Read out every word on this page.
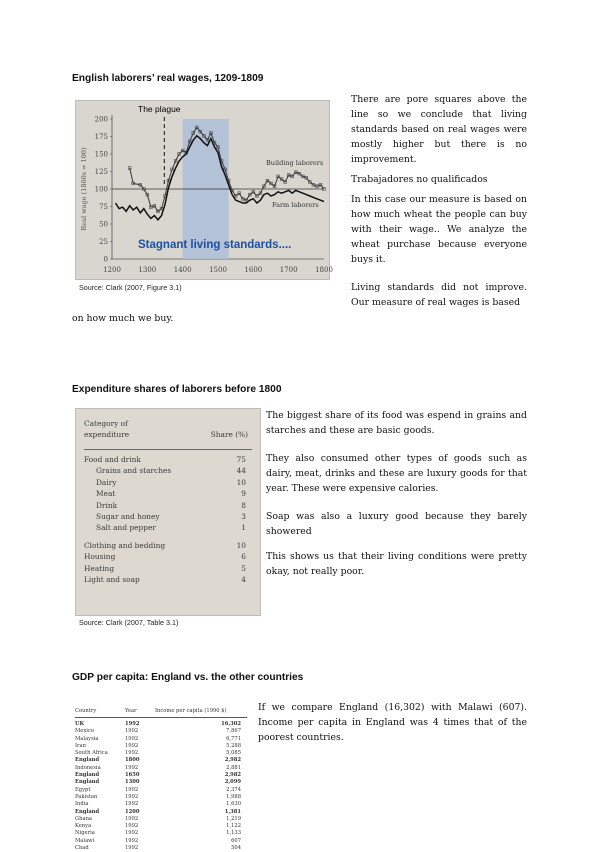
English laborers’ real wages, 1209-1809
0
25
50
75
100
125
150
175
200
1200	1300	1400	1500	1600	1700	1800
Real wage (1860s = 100)
The plague
Stagnant living standards....
Building laborers
Farm laborers
Source: Clark (2007, Figure 3.1)

There are pore squares above the line so we conclude that living standards based on real wages were mostly higher but there is no improvement.

Trabajadores no qualificados

In this case our measure is based on how much wheat the people can buy with their wage.. We analyze the wheat purchase because everyone buys it.

Living standards did not improve. Our measure of real wages is based

on how much we buy.

Expenditure shares of laborers before 1800
Category of
expenditure	Share (%)
Food and drink	75
Grains and starches	44
Dairy	10
Meat	9
Drink	8
Sugar and honey	3
Salt and pepper	1
Clothing and bedding	10
Housing	6
Heating	5
Light and soap	4
Source: Clark (2007, Table 3.1)

The biggest share of its food was espend in grains and starches and these are basic goods.

They also consumed other types of goods such as dairy, meat, drinks and these are luxury goods for that year. These were expensive calories.

Soap was also a luxury good because they barely showered

This shows us that their living conditions were pretty okay, not really poor.

GDP per capita: England vs. the other countries
Country	Year	Income per capita (1990 $)
UK	1992	16,302
Mexico	1992	7,867
Malaysia	1992	6,771
Iran	1992	5,288
South Africa	1992	5,085
England	1800	2,982
Indonesia	1992	2,881
England	1650	2,982
England	1300	2,099
Egypt	1992	2,374
Pakistan	1992	1,988
India	1992	1,630
England	1200	1,381
Ghana	1992	1,219
Kenya	1992	1,122
Nigeria	1992	1,133
Malawi	1992	607
Chad	1992	504

If we compare England (16,302) with Malawi (607). Income per capita in England was 4 times that of the poorest countries.
